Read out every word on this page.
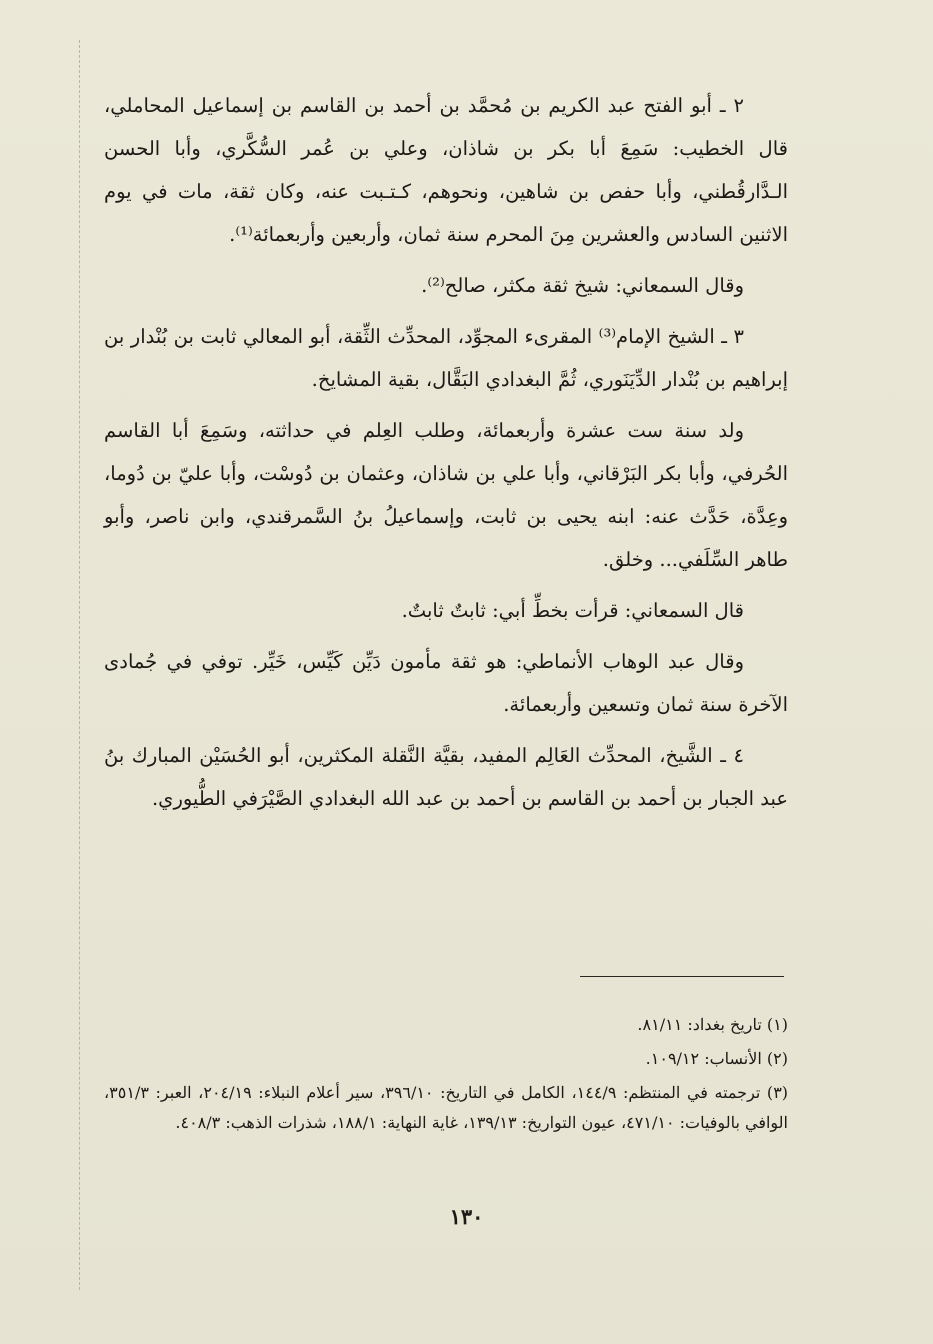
٢ ـ أبو الفتح عبد الكريم بن مُحمَّد بن أحمد بن القاسم بن إسماعيل المحاملي، قال الخطيب: سَمِعَ أبا بكر بن شاذان، وعلي بن عُمر السُّكَّري، وأبا الحسن الـدَّارقُطني، وأبا حفص بن شاهين، ونحوهم، كـتـبت عنه، وكان ثقة، مات في يوم الاثنين السادس والعشرين مِنَ المحرم سنة ثمان، وأربعين وأربعمائة⁽¹⁾.

وقال السمعاني: شيخ ثقة مكثر، صالح⁽²⁾.

٣ ـ الشيخ الإمام⁽³⁾ المقرىء المجوِّد، المحدِّث الثِّقة، أبو المعالي ثابت بن بُنْدار بن إبراهيم بن بُنْدار الدِّيَنَوري، ثُمَّ البغدادي البَقَّال، بقية المشايخ.

ولد سنة ست عشرة وأربعمائة، وطلب العِلم في حداثته، وسَمِعَ أبا القاسم الحُرفي، وأبا بكر البَرْقاني، وأبا علي بن شاذان، وعثمان بن دُوسْت، وأبا عليّ بن دُوما، وعِدَّة، حَدَّث عنه: ابنه يحيى بن ثابت، وإسماعيلُ بنُ السَّمرقندي، وابن ناصر، وأبو طاهر السِّلَفي... وخلق.

قال السمعاني: قرأت بخطِّ أبي: ثابتٌ ثابتٌ.

وقال عبد الوهاب الأنماطي: هو ثقة مأمون دَيِّن كَيِّس، خَيِّر. توفي في جُمادى الآخرة سنة ثمان وتسعين وأربعمائة.

٤ ـ الشَّيخ، المحدِّث العَالِم المفيد، بقيَّة النَّقلة المكثرين، أبو الحُسَيْن المبارك بنُ عبد الجبار بن أحمد بن القاسم بن أحمد بن عبد الله البغدادي الصَّيْرَفي الطُّيوري.

(١) تاريخ بغداد: ٨١/١١.

(٢) الأنساب: ١٠٩/١٢.

(٣) ترجمته في المنتظم: ١٤٤/٩، الكامل في التاريخ: ٣٩٦/١٠، سير أعلام النبلاء: ٢٠٤/١٩، العبر: ٣٥١/٣، الوافي بالوفيات: ٤٧١/١٠، عيون التواريخ: ١٣٩/١٣، غاية النهاية: ١٨٨/١، شذرات الذهب: ٤٠٨/٣.

١٣٠
